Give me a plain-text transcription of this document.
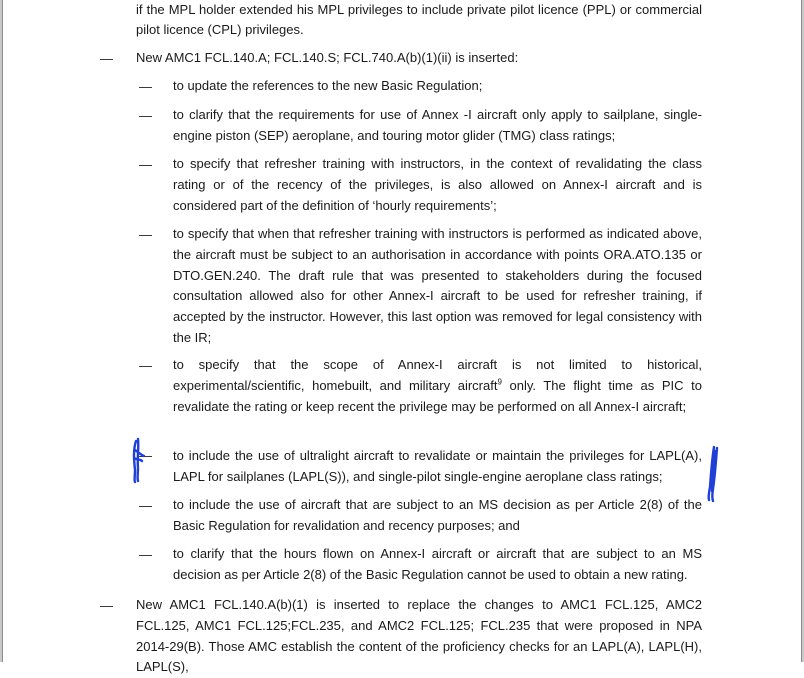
if the MPL holder extended his MPL privileges to include private pilot licence (PPL) or commercial pilot licence (CPL) privileges.
— New AMC1 FCL.140.A; FCL.140.S; FCL.740.A(b)(1)(ii) is inserted:
— to update the references to the new Basic Regulation;
— to clarify that the requirements for use of Annex -I aircraft only apply to sailplane, single-engine piston (SEP) aeroplane, and touring motor glider (TMG) class ratings;
— to specify that refresher training with instructors, in the context of revalidating the class rating or of the recency of the privileges, is also allowed on Annex-I aircraft and is considered part of the definition of ‘hourly requirements’;
— to specify that when that refresher training with instructors is performed as indicated above, the aircraft must be subject to an authorisation in accordance with points ORA.ATO.135 or DTO.GEN.240. The draft rule that was presented to stakeholders during the focused consultation allowed also for other Annex-I aircraft to be used for refresher training, if accepted by the instructor. However, this last option was removed for legal consistency with the IR;
— to specify that the scope of Annex-I aircraft is not limited to historical, experimental/scientific, homebuilt, and military aircraft$^9$ only. The flight time as PIC to revalidate the rating or keep recent the privilege may be performed on all Annex-I aircraft;
— to include the use of ultralight aircraft to revalidate or maintain the privileges for LAPL(A), LAPL for sailplanes (LAPL(S)), and single-pilot single-engine aeroplane class ratings;
— to include the use of aircraft that are subject to an MS decision as per Article 2(8) of the Basic Regulation for revalidation and recency purposes; and
— to clarify that the hours flown on Annex-I aircraft or aircraft that are subject to an MS decision as per Article 2(8) of the Basic Regulation cannot be used to obtain a new rating.
— New AMC1 FCL.140.A(b)(1) is inserted to replace the changes to AMC1 FCL.125, AMC2 FCL.125, AMC1 FCL.125;FCL.235, and AMC2 FCL.125; FCL.235 that were proposed in NPA 2014-29(B). Those AMC establish the content of the proficiency checks for an LAPL(A), LAPL(H), LAPL(S),
